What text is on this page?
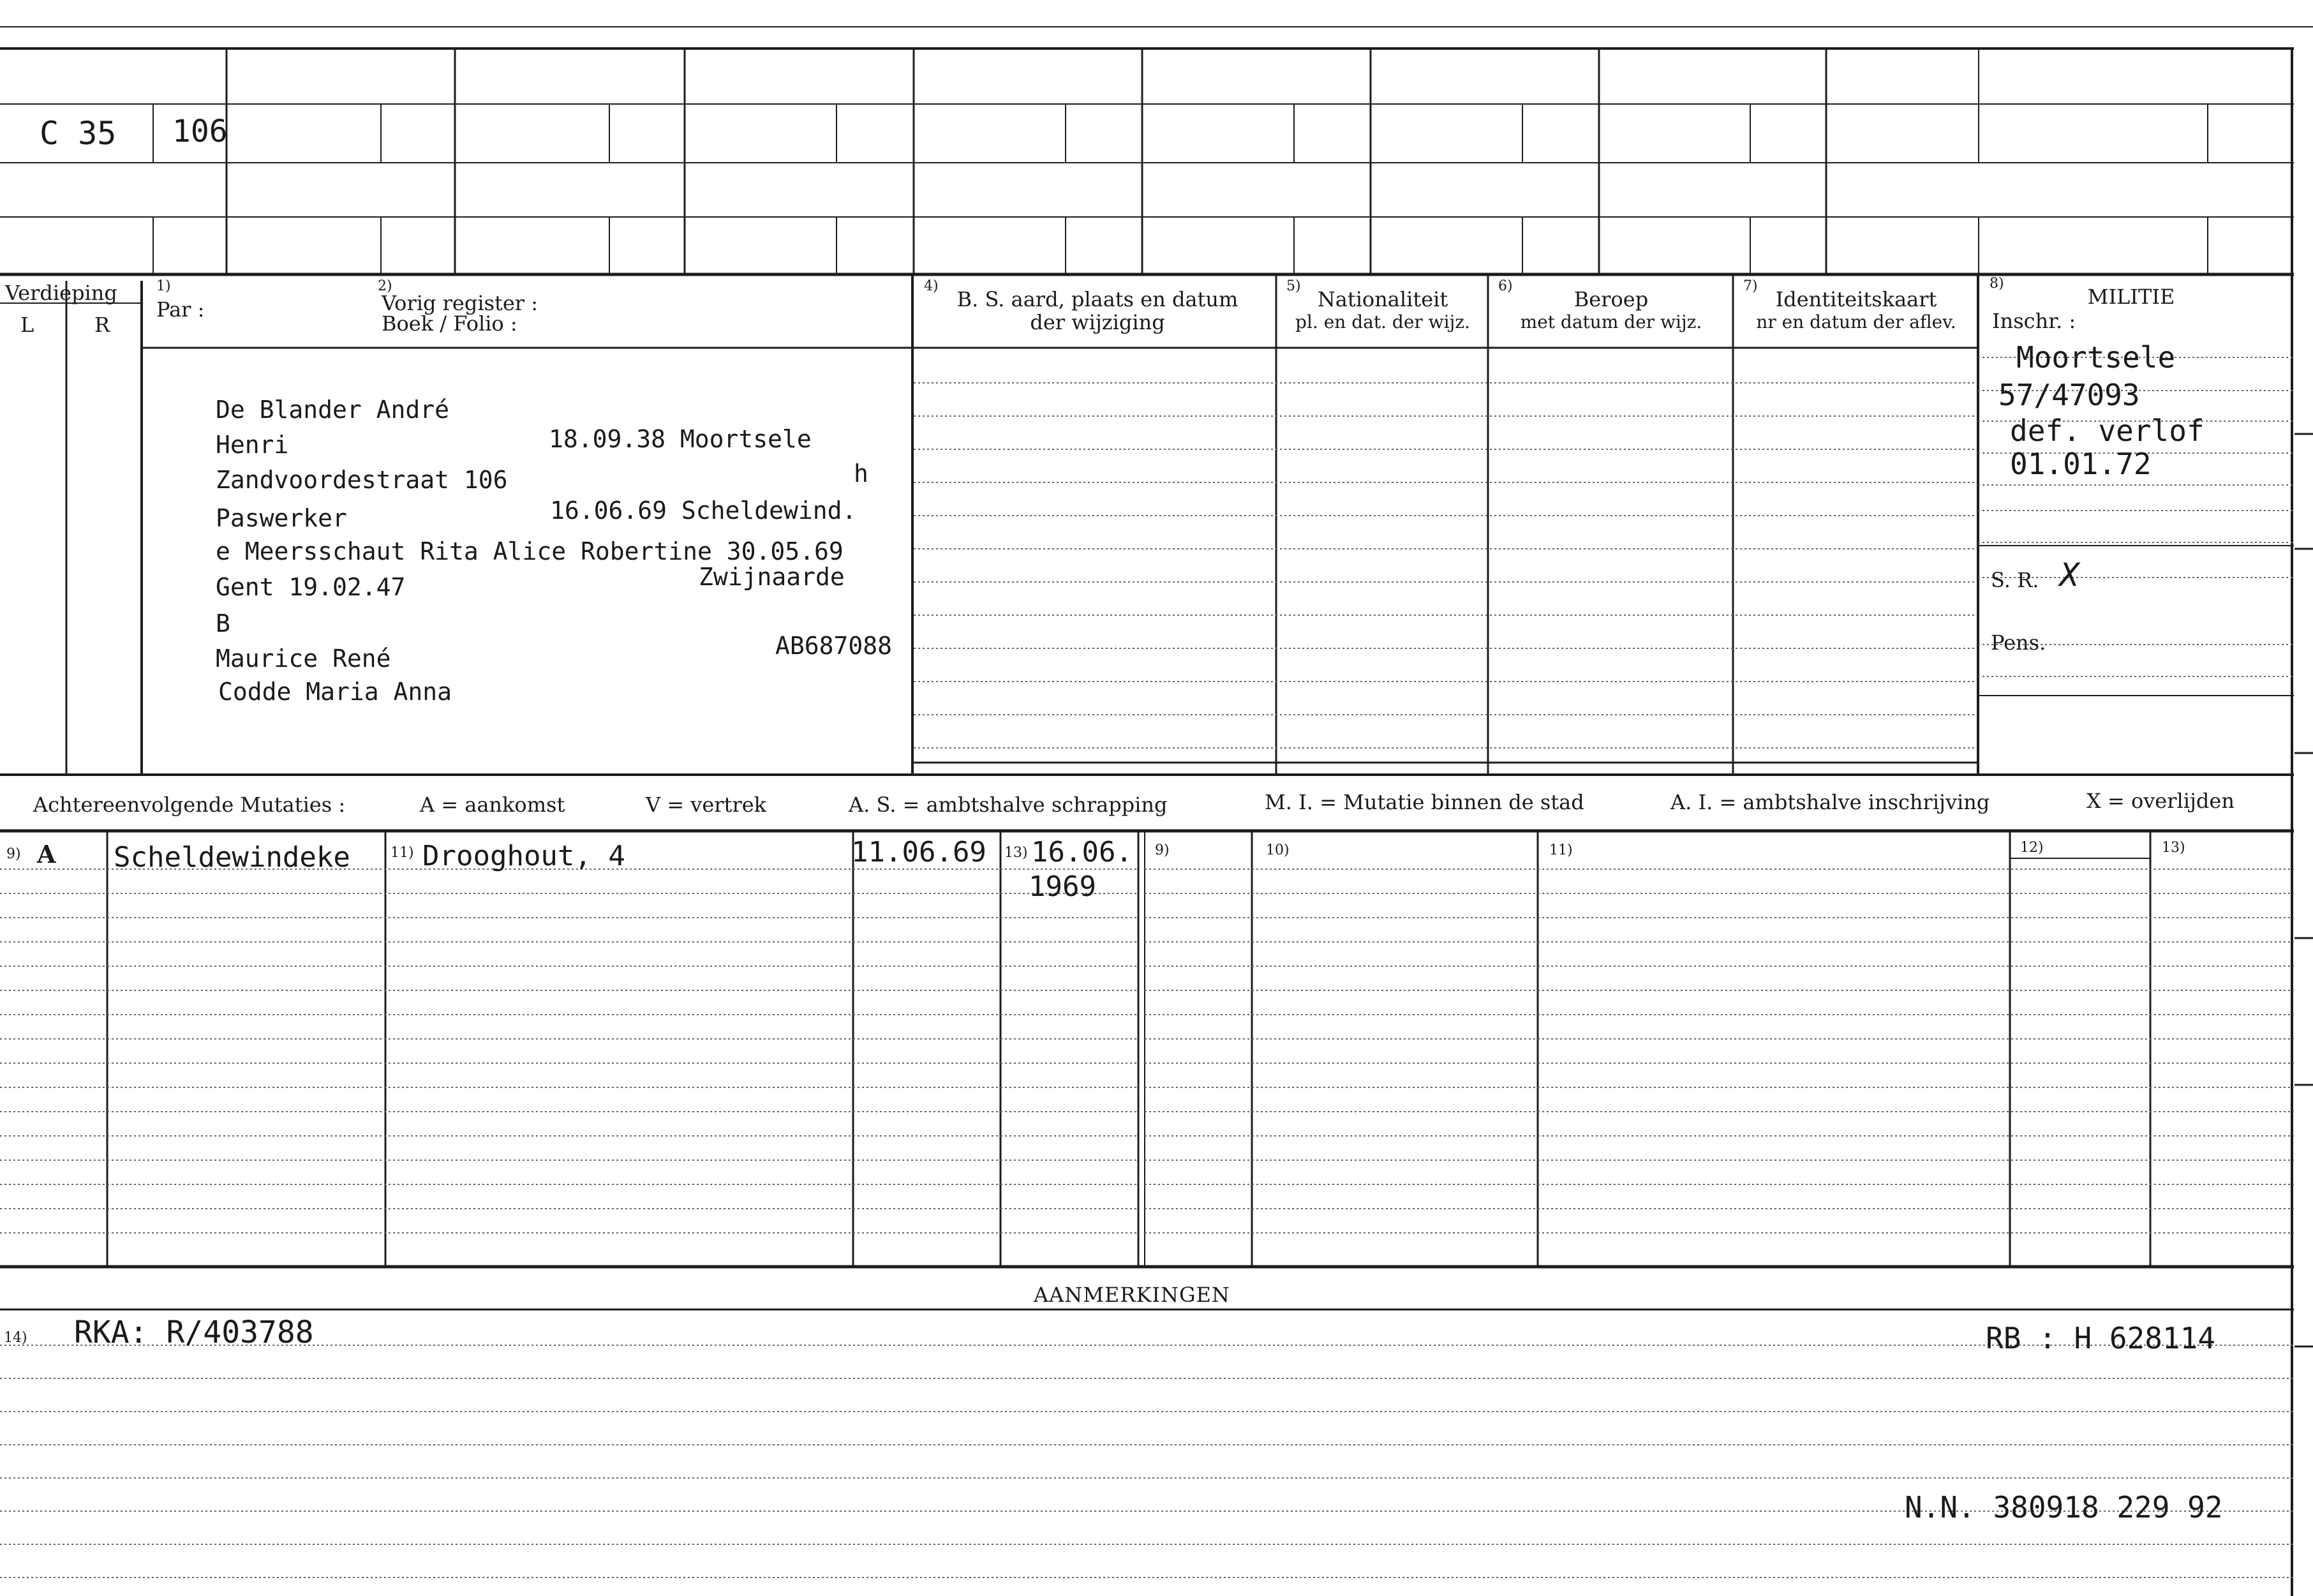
C 35 106
Verdieping
L	R
1)
Par :
2)
Vorig register :
Boek / Folio :
4)
B. S. aard, plaats en datum
der wijziging
5)
Nationaliteit
pl. en dat. der wijz.
6)
Beroep
met datum der wijz.
7)
Identiteitskaart
nr en datum der aflev.
8)
MILITIE
Inschr. :
De Blander André
Henri	18.09.38 Moortsele
Zandvoordestraat 106	h
Paswerker	16.06.69 Scheldewind.
e Meersschaut Rita Alice Robertine 30.05.69
Gent 19.02.47	Zwijnaarde
B
Maurice René	AB687088
Codde Maria Anna
Moortsele
57/47093
def. verlof
01.01.72
S. R. X
Pens.
Achtereenvolgende Mutaties :	A = aankomst	V = vertrek	A. S. = ambtshalve schrapping	M. I. = Mutatie binnen de stad	A. I. = ambtshalve inschrijving	X = overlijden
9) A Scheldewindeke	11) Drooghout, 4	11.06.69 13) 16.06.
1969
9)	10)	11)	12)	13)
AANMERKINGEN
14) RKA: R/403788	RB : H 628114
N.N. 380918 229 92
